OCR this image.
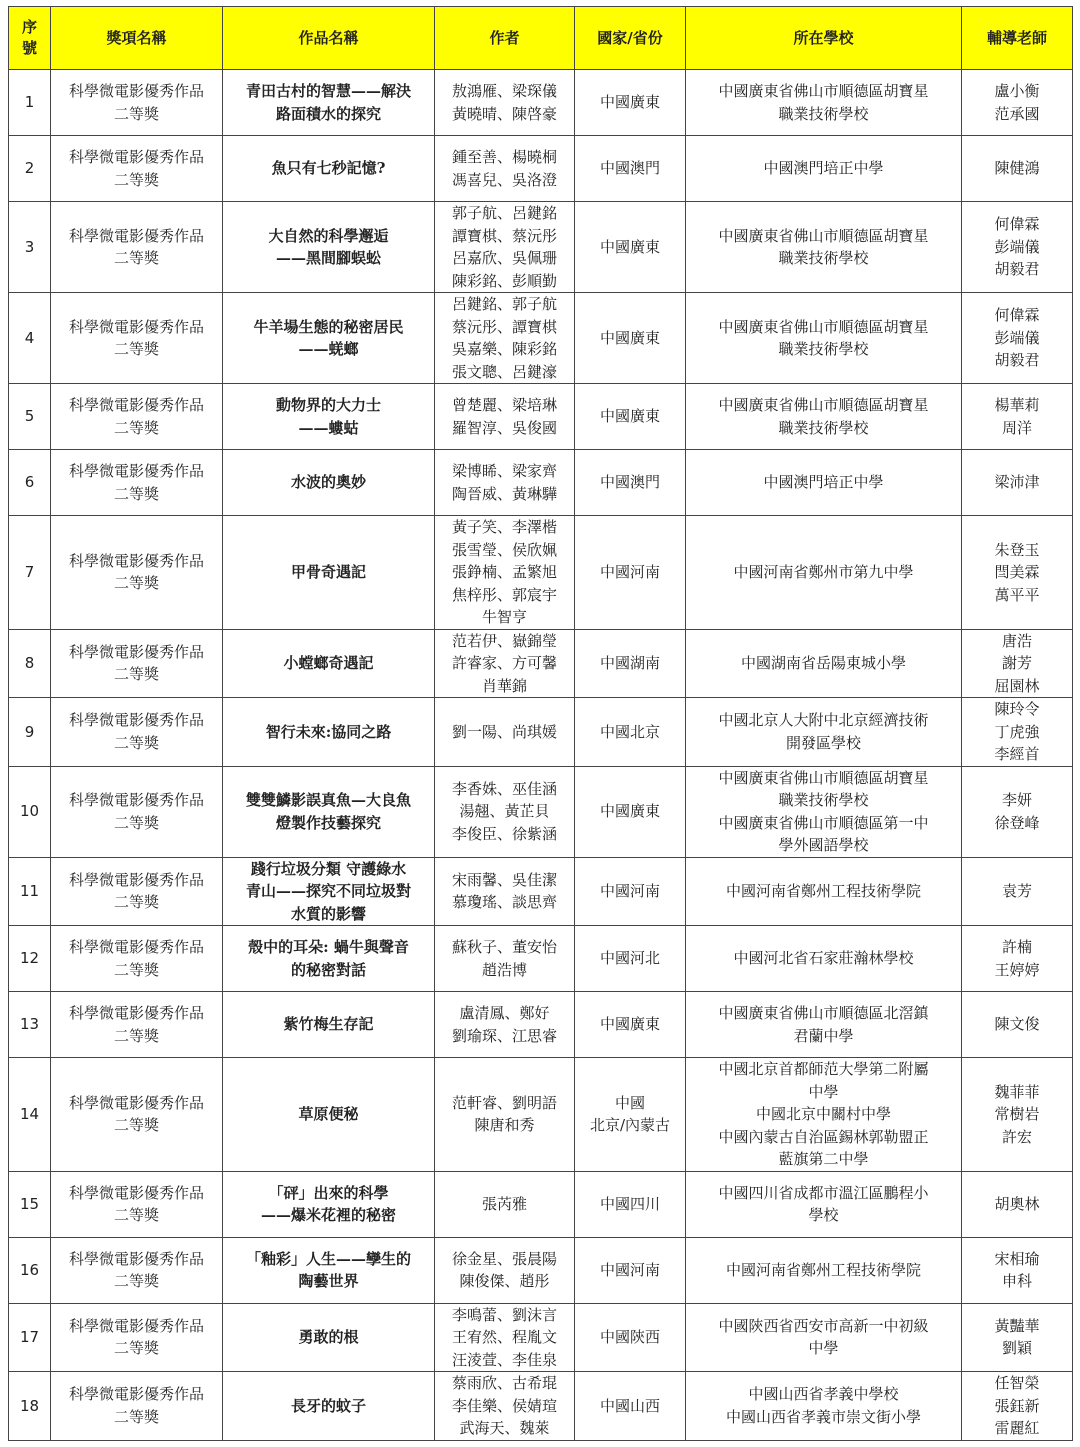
序
號	獎項名稱	作品名稱	作者	國家/省份	所在學校	輔導老師
1	科學微電影優秀作品
二等獎	青田古村的智慧——解決
路面積水的探究	敖鴻雁、梁琛儀
黃曉晴、陳啓豪	中國廣東	中國廣東省佛山市順德區胡寶星
職業技術學校	盧小衡
范承國

2	科學微電影優秀作品
二等獎	魚只有七秒記憶?	鍾至善、楊曉桐
馮喜兒、吳洛澄	中國澳門	中國澳門培正中學	陳健鴻

3	科學微電影優秀作品
二等獎	大自然的科學邂逅
——黑間腳蜈蚣	郭子航、呂鍵銘
譚寶棋、蔡沅彤
呂嘉欣、吳佩珊
陳彩銘、彭順勤	中國廣東	中國廣東省佛山市順德區胡寶星
職業技術學校	何偉霖
彭端儀
胡毅君

4	科學微電影優秀作品
二等獎	牛羊場生態的秘密居民
——蜣螂	呂鍵銘、郭子航
蔡沅彤、譚寶棋
吳嘉樂、陳彩銘
張文聰、呂鍵濠	中國廣東	中國廣東省佛山市順德區胡寶星
職業技術學校	何偉霖
彭端儀
胡毅君

5	科學微電影優秀作品
二等獎	動物界的大力士
——螻蛄	曾楚麗、梁培琳
羅智淳、吳俊國	中國廣東	中國廣東省佛山市順德區胡寶星
職業技術學校	楊華莉
周洋

6	科學微電影優秀作品
二等獎	水波的奧妙	梁博睎、梁家齊
陶晉威、黃琳驊	中國澳門	中國澳門培正中學	梁沛津

7	科學微電影優秀作品
二等獎	甲骨奇遇記	黃子笑、李澤楷
張雪瑩、侯欣姵
張錚楠、孟繁旭
焦梓彤、郭宸宇
牛智亨	中國河南	中國河南省鄭州市第九中學	朱登玉
閆美霖
萬平平

8	科學微電影優秀作品
二等獎	小螳螂奇遇記	范若伊、嶽錦瑩
許睿家、方可馨
肖華錦	中國湖南	中國湖南省岳陽東城小學	唐浩
謝芳
屈園林

9	科學微電影優秀作品
二等獎	智行未來:協同之路	劉一陽、尚琪媛	中國北京	中國北京人大附中北京經濟技術
開發區學校	陳玲令
丁虎強
李經首

10	科學微電影優秀作品
二等獎	雙雙鱗影誤真魚—大良魚
燈製作技藝探究	李香姝、巫佳涵
湯翹、黃芷貝
李俊臣、徐紫涵	中國廣東	中國廣東省佛山市順德區胡寶星
職業技術學校
中國廣東省佛山市順德區第一中
學外國語學校	李妍
徐登峰

11	科學微電影優秀作品
二等獎	踐行垃圾分類 守護綠水
青山——探究不同垃圾對
水質的影響	宋雨馨、吳佳潔
慕瓊瑤、談思齊	中國河南	中國河南省鄭州工程技術學院	袁芳

12	科學微電影優秀作品
二等獎	殼中的耳朵: 蝸牛與聲音
的秘密對話	蘇秋子、董安怡
趙浩博	中國河北	中國河北省石家莊瀚林學校	許楠
王婷婷

13	科學微電影優秀作品
二等獎	紫竹梅生存記	盧清鳳、鄭好
劉瑜琛、江思睿	中國廣東	中國廣東省佛山市順德區北滘鎮
君蘭中學	陳文俊

14	科學微電影優秀作品
二等獎	草原便秘	范軒睿、劉明語
陳唐和秀	中國
北京/內蒙古	中國北京首都師范大學第二附屬
中學
中國北京中關村中學
中國內蒙古自治區錫林郭勒盟正
藍旗第二中學	魏菲菲
常樹岩
許宏

15	科學微電影優秀作品
二等獎	「砰」出來的科學
——爆米花裡的秘密	張芮雅	中國四川	中國四川省成都市溫江區鵬程小
學校	胡奧林

16	科學微電影優秀作品
二等獎	「釉彩」人生——孿生的
陶藝世界	徐金星、張晨陽
陳俊傑、趙彤	中國河南	中國河南省鄭州工程技術學院	宋相瑜
申科

17	科學微電影優秀作品
二等獎	勇敢的根	李鳴蕾、劉沫言
王宥然、程胤文
汪淩萱、李佳泉	中國陝西	中國陝西省西安市高新一中初級
中學	黃豔華
劉穎

18	科學微電影優秀作品
二等獎	長牙的蚊子	蔡雨欣、古希琨
李佳樂、侯婧瑄
武海天、魏萊	中國山西	中國山西省孝義中學校
中國山西省孝義市崇文街小學	任智榮
張鈺新
雷麗紅
